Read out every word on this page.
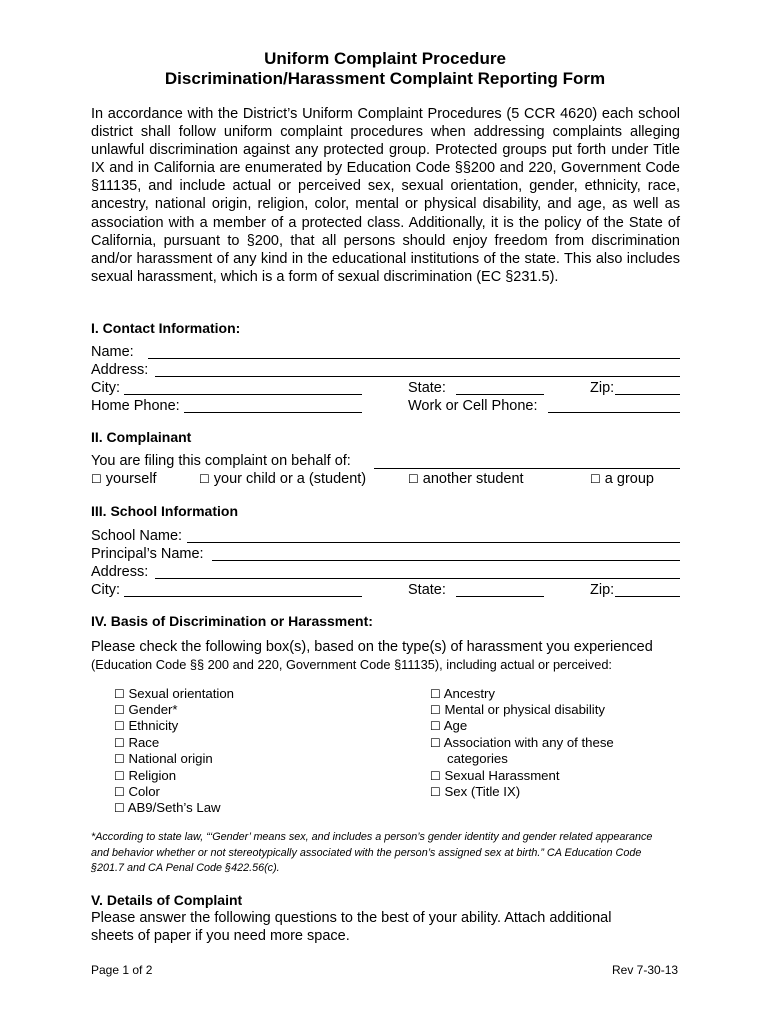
Uniform Complaint Procedure
Discrimination/Harassment Complaint Reporting Form

In accordance with the District’s Uniform Complaint Procedures (5 CCR 4620) each school district shall follow uniform complaint procedures when addressing complaints alleging unlawful discrimination against any protected group. Protected groups put forth under Title IX and in California are enumerated by Education Code §§200 and 220, Government Code §11135, and include actual or perceived sex, sexual orientation, gender, ethnicity, race, ancestry, national origin, religion, color, mental or physical disability, and age, as well as association with a member of a protected class. Additionally, it is the policy of the State of California, pursuant to §200, that all persons should enjoy freedom from discrimination and/or harassment of any kind in the educational institutions of the state. This also includes sexual harassment, which is a form of sexual discrimination (EC §231.5).

I. Contact Information:
Name:
Address:
City:	State:	Zip:
Home Phone:	Work or Cell Phone:
II. Complainant
You are filing this complaint on behalf of:
☐ yourself	☐ your child or a (student)	☐ another student	☐ a group
III. School Information
School Name:
Principal’s Name:
Address:
City:	State:	Zip:
IV. Basis of Discrimination or Harassment:
Please check the following box(s), based on the type(s) of harassment you experienced
(Education Code §§ 200 and 220, Government Code §11135), including actual or perceived:
☐ Sexual orientation
☐ Gender*
☐ Ethnicity
☐ Race
☐ National origin
☐ Religion
☐ Color
☐ AB9/Seth’s Law
☐ Ancestry
☐ Mental or physical disability
☐ Age
☐ Association with any of these
categories
☐ Sexual Harassment
☐ Sex (Title IX)

*According to state law, “‘Gender’ means sex, and includes a person’s gender identity and gender related appearance and behavior whether or not stereotypically associated with the person’s assigned sex at birth.” CA Education Code §201.7 and CA Penal Code §422.56(c).

V. Details of Complaint
Please answer the following questions to the best of your ability. Attach additional
sheets of paper if you need more space.
Page 1 of 2	Rev 7-30-13
